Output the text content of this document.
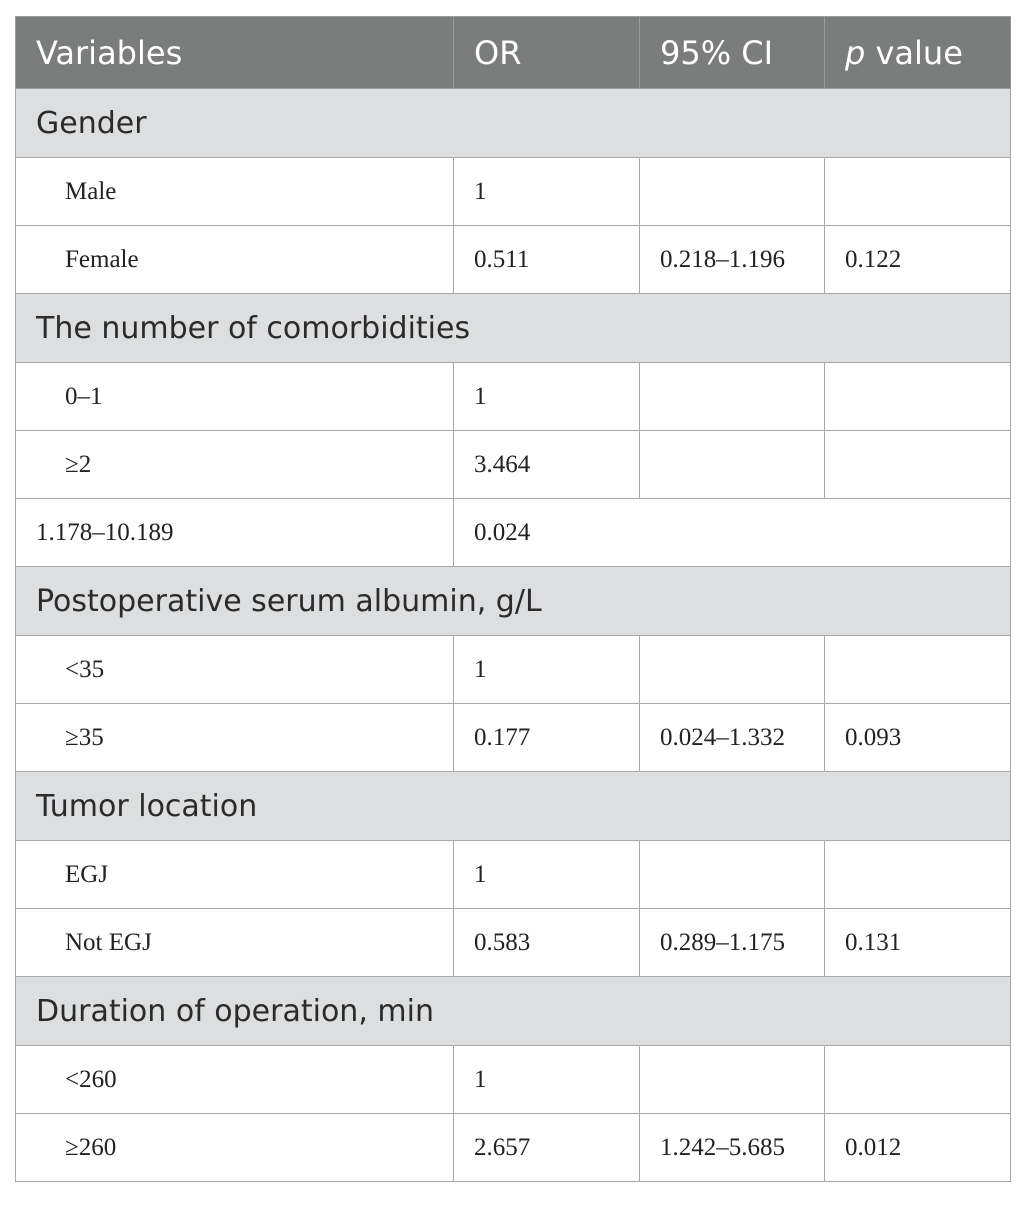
Variables	OR	95% CI	p value
Gender			
Male	1		
Female	0.511	0.218–1.196	0.122
The number of comorbidities			
0–1	1		
≥2	3.464		
1.178–10.189	0.024		
Postoperative serum albumin, g/L			
<35	1		
≥35	0.177	0.024–1.332	0.093
Tumor location			
EGJ	1		
Not EGJ	0.583	0.289–1.175	0.131
Duration of operation, min			
<260	1		
≥260	2.657	1.242–5.685	0.012
